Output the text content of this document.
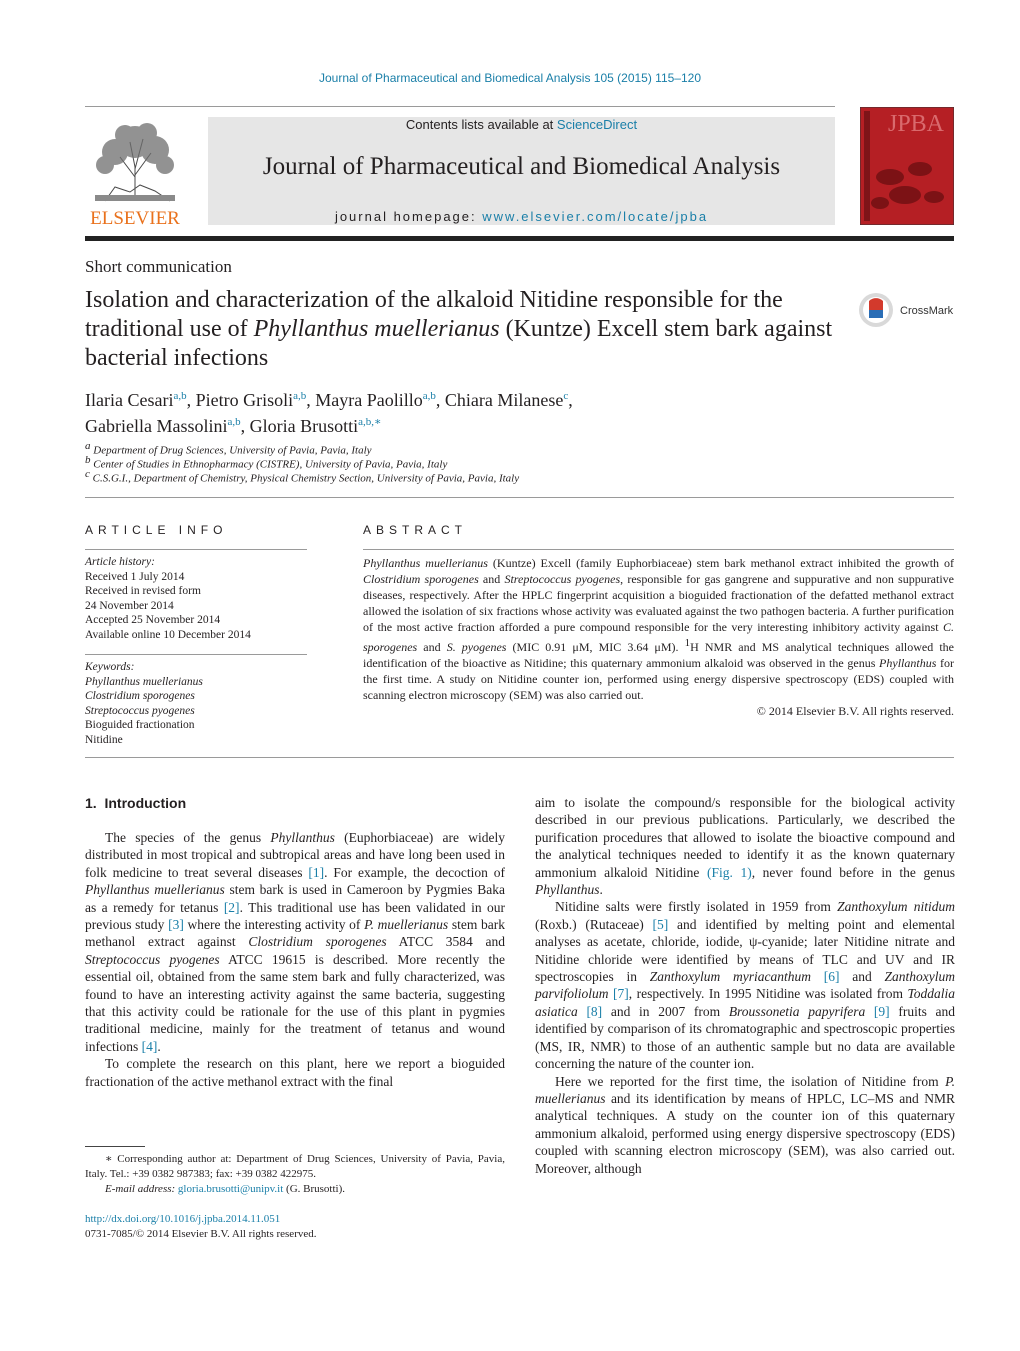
Journal of Pharmaceutical and Biomedical Analysis 105 (2015) 115–120
ELSEVIER
Contents lists available at ScienceDirect
Journal of Pharmaceutical and Biomedical Analysis
journal homepage: www.elsevier.com/locate/jpba
JPBA
Short communication
Isolation and characterization of the alkaloid Nitidine responsible for the traditional use of Phyllanthus muellerianus (Kuntze) Excell stem bark against bacterial infections
CrossMark
Ilaria Cesari$^{a,b}$, Pietro Grisoli$^{a,b}$, Mayra Paolillo$^{a,b}$, Chiara Milanese$^c$,
Gabriella Massolini$^{a,b}$, Gloria Brusotti$^{a,b,∗}$
$^a$ Department of Drug Sciences, University of Pavia, Pavia, Italy
$^b$ Center of Studies in Ethnopharmacy (CISTRE), University of Pavia, Pavia, Italy
$^c$ C.S.G.I., Department of Chemistry, Physical Chemistry Section, University of Pavia, Pavia, Italy
ARTICLE INFO
Article history:
Received 1 July 2014
Received in revised form
24 November 2014
Accepted 25 November 2014
Available online 10 December 2014
Keywords:
Phyllanthus muellerianus
Clostridium sporogenes
Streptococcus pyogenes
Bioguided fractionation
Nitidine
ABSTRACT
Phyllanthus muellerianus (Kuntze) Excell (family Euphorbiaceae) stem bark methanol extract inhibited the growth of Clostridium sporogenes and Streptococcus pyogenes, responsible for gas gangrene and suppurative and non suppurative diseases, respectively. After the HPLC fingerprint acquisition a bioguided fractionation of the defatted methanol extract allowed the isolation of six fractions whose activity was evaluated against the two pathogen bacteria. A further purification of the most active fraction afforded a pure compound responsible for the very interesting inhibitory activity against C. sporogenes and S. pyogenes (MIC 0.91 μM, MIC 3.64 μM). $^1$H NMR and MS analytical techniques allowed the identification of the bioactive as Nitidine; this quaternary ammonium alkaloid was observed in the genus Phyllanthus for the first time. A study on Nitidine counter ion, performed using energy dispersive spectroscopy (EDS) coupled with scanning electron microscopy (SEM) was also carried out.
© 2014 Elsevier B.V. All rights reserved.
1. Introduction

The species of the genus Phyllanthus (Euphorbiaceae) are widely distributed in most tropical and subtropical areas and have long been used in folk medicine to treat several diseases [1]. For example, the decoction of Phyllanthus muellerianus stem bark is used in Cameroon by Pygmies Baka as a remedy for tetanus [2]. This traditional use has been validated in our previous study [3] where the interesting activity of P. muellerianus stem bark methanol extract against Clostridium sporogenes ATCC 3584 and Streptococcus pyogenes ATCC 19615 is described. More recently the essential oil, obtained from the same stem bark and fully characterized, was found to have an interesting activity against the same bacteria, suggesting that this activity could be rationale for the use of this plant in pygmies traditional medicine, mainly for the treatment of tetanus and wound infections [4].

To complete the research on this plant, here we report a bioguided fractionation of the active methanol extract with the final

aim to isolate the compound/s responsible for the biological activity described in our previous publications. Particularly, we described the purification procedures that allowed to isolate the bioactive compound and the analytical techniques needed to identify it as the known quaternary ammonium alkaloid Nitidine (Fig. 1), never found before in the genus Phyllanthus.

Nitidine salts were firstly isolated in 1959 from Zanthoxylum nitidum (Roxb.) (Rutaceae) [5] and identified by melting point and elemental analyses as acetate, chloride, iodide, ψ-cyanide; later Nitidine nitrate and Nitidine chloride were identified by means of TLC and UV and IR spectroscopies in Zanthoxylum myriacanthum [6] and Zanthoxylum parvifoliolum [7], respectively. In 1995 Nitidine was isolated from Toddalia asiatica [8] and in 2007 from Broussonetia papyrifera [9] fruits and identified by comparison of its chromatographic and spectroscopic properties (MS, IR, NMR) to those of an authentic sample but no data are available concerning the nature of the counter ion.

Here we reported for the first time, the isolation of Nitidine from P. muellerianus and its identification by means of HPLC, LC–MS and NMR analytical techniques. A study on the counter ion of this quaternary ammonium alkaloid, performed using energy dispersive spectroscopy (EDS) coupled with scanning electron microscopy (SEM), was also carried out. Moreover, although

∗ Corresponding author at: Department of Drug Sciences, University of Pavia, Pavia, Italy. Tel.: +39 0382 987383; fax: +39 0382 422975.
E-mail address: gloria.brusotti@unipv.it (G. Brusotti).
http://dx.doi.org/10.1016/j.jpba.2014.11.051
0731-7085/© 2014 Elsevier B.V. All rights reserved.
